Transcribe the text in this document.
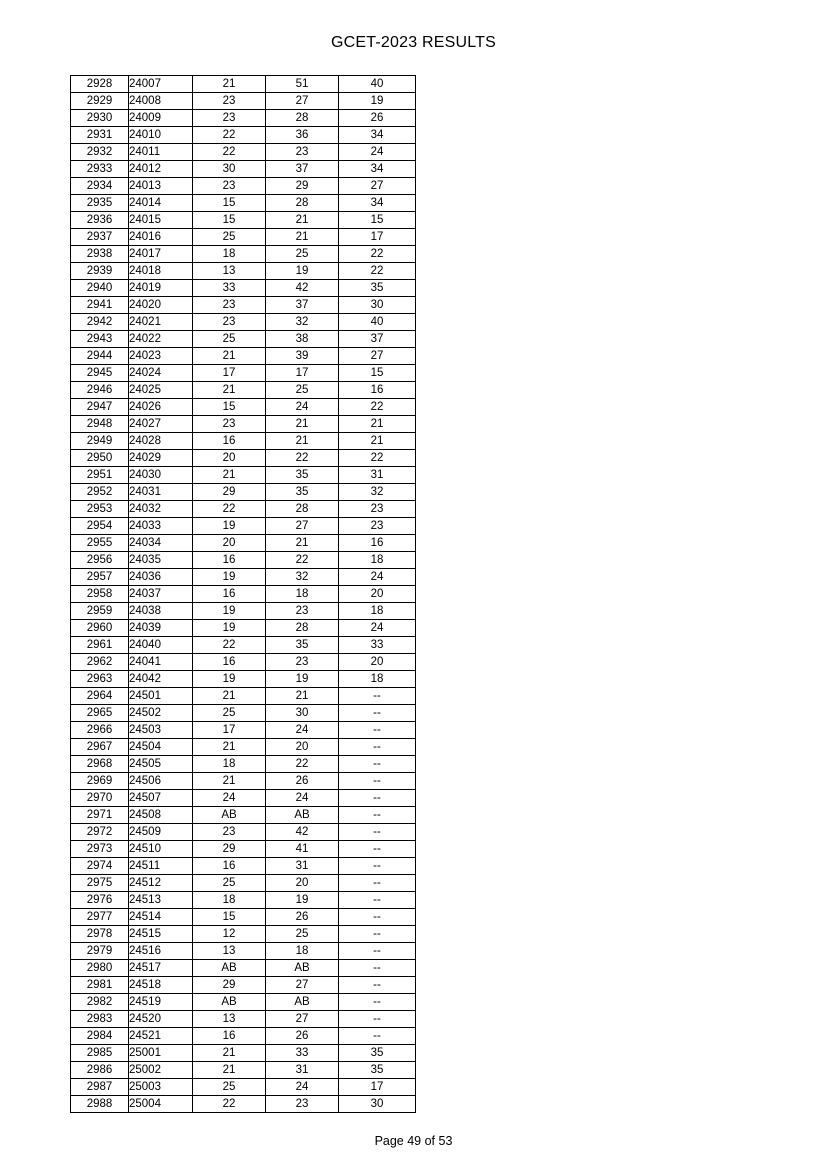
GCET-2023 RESULTS
2928	24007	21	51	40
2929	24008	23	27	19
2930	24009	23	28	26
2931	24010	22	36	34
2932	24011	22	23	24
2933	24012	30	37	34
2934	24013	23	29	27
2935	24014	15	28	34
2936	24015	15	21	15
2937	24016	25	21	17
2938	24017	18	25	22
2939	24018	13	19	22
2940	24019	33	42	35
2941	24020	23	37	30
2942	24021	23	32	40
2943	24022	25	38	37
2944	24023	21	39	27
2945	24024	17	17	15
2946	24025	21	25	16
2947	24026	15	24	22
2948	24027	23	21	21
2949	24028	16	21	21
2950	24029	20	22	22
2951	24030	21	35	31
2952	24031	29	35	32
2953	24032	22	28	23
2954	24033	19	27	23
2955	24034	20	21	16
2956	24035	16	22	18
2957	24036	19	32	24
2958	24037	16	18	20
2959	24038	19	23	18
2960	24039	19	28	24
2961	24040	22	35	33
2962	24041	16	23	20
2963	24042	19	19	18
2964	24501	21	21	--
2965	24502	25	30	--
2966	24503	17	24	--
2967	24504	21	20	--
2968	24505	18	22	--
2969	24506	21	26	--
2970	24507	24	24	--
2971	24508	AB	AB	--
2972	24509	23	42	--
2973	24510	29	41	--
2974	24511	16	31	--
2975	24512	25	20	--
2976	24513	18	19	--
2977	24514	15	26	--
2978	24515	12	25	--
2979	24516	13	18	--
2980	24517	AB	AB	--
2981	24518	29	27	--
2982	24519	AB	AB	--
2983	24520	13	27	--
2984	24521	16	26	--
2985	25001	21	33	35
2986	25002	21	31	35
2987	25003	25	24	17
2988	25004	22	23	30
Page 49 of 53
